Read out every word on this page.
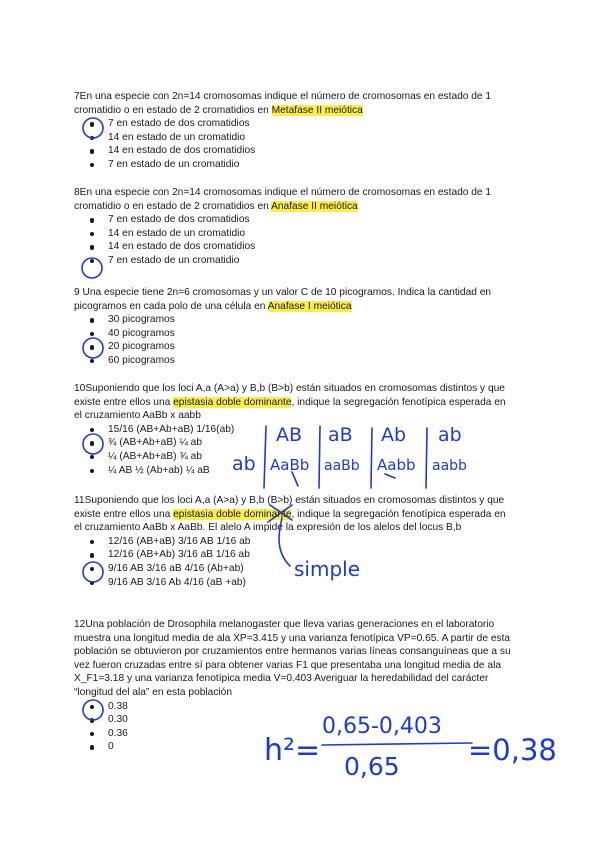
7En una especie con 2n=14 cromosomas indique el número de cromosomas en estado de 1 cromatidio o en estado de 2 cromatidios en Metafase II meiótica

7 en estado de dos cromatidios
14 en estado de un cromatidio
14 en estado de dos cromatidios
7 en estado de un cromatidio

8En una especie con 2n=14 cromosomas indique el número de cromosomas en estado de 1 cromatidio o en estado de 2 cromatidios en Anafase II meiótica

7 en estado de dos cromatidios
14 en estado de un cromatidio
14 en estado de dos cromatidios
7 en estado de un cromatidio

9 Una especie tiene 2n=6 cromosomas y un valor C de 10 picogramos. Indica la cantidad en picogramos en cada polo de una célula en Anafase I meiótica

30 picogramos
40 picogramos
20 picogramos
60 picogramos

10Suponiendo que los loci A,a (A>a) y B,b (B>b) están situados en cromosomas distintos y que existe entre ellos una epistasia doble dominante, indique la segregación fenotípica esperada en el cruzamiento AaBb x aabb

15/16 (AB+Ab+aB) 1/16(ab)
¾ (AB+Ab+aB) ¼ ab
¼ (AB+Ab+aB) ¾ ab
¼ AB ½ (Ab+ab) ¼ aB

11Suponiendo que los loci A,a (A>a) y B,b (B>b) están situados en cromosomas distintos y que existe entre ellos una epistasia doble dominante, indique la segregación fenotípica esperada en el cruzamiento AaBb x AaBb. El alelo A impide la expresión de los alelos del locus B,b

12/16 (AB+aB) 3/16 AB 1/16 ab
12/16 (AB+Ab) 3/16 aB 1/16 ab
9/16 AB 3/16 aB 4/16 (Ab+ab)
9/16 AB 3/16 Ab 4/16 (aB +ab)

12Una población de Drosophila melanogaster que lleva varias generaciones en el laboratorio muestra una longitud media de ala XP=3.415 y una varianza fenotípica VP=0.65. A partir de esta población se obtuvieron por cruzamientos entre hermanos varias líneas consanguíneas que a su vez fueron cruzadas entre sí para obtener varias F1 que presentaba una longitud media de ala X_F1=3.18 y una varianza fenotípica media V=0.403 Averiguar la heredabilidad del carácter “longitud del ala” en esta población

0.38
0.30
0.36
0
AB aB Ab ab
ab AaBb aaBb Aabb aabb
simple
h²=
0,65-0,403
0,65 =0,38
